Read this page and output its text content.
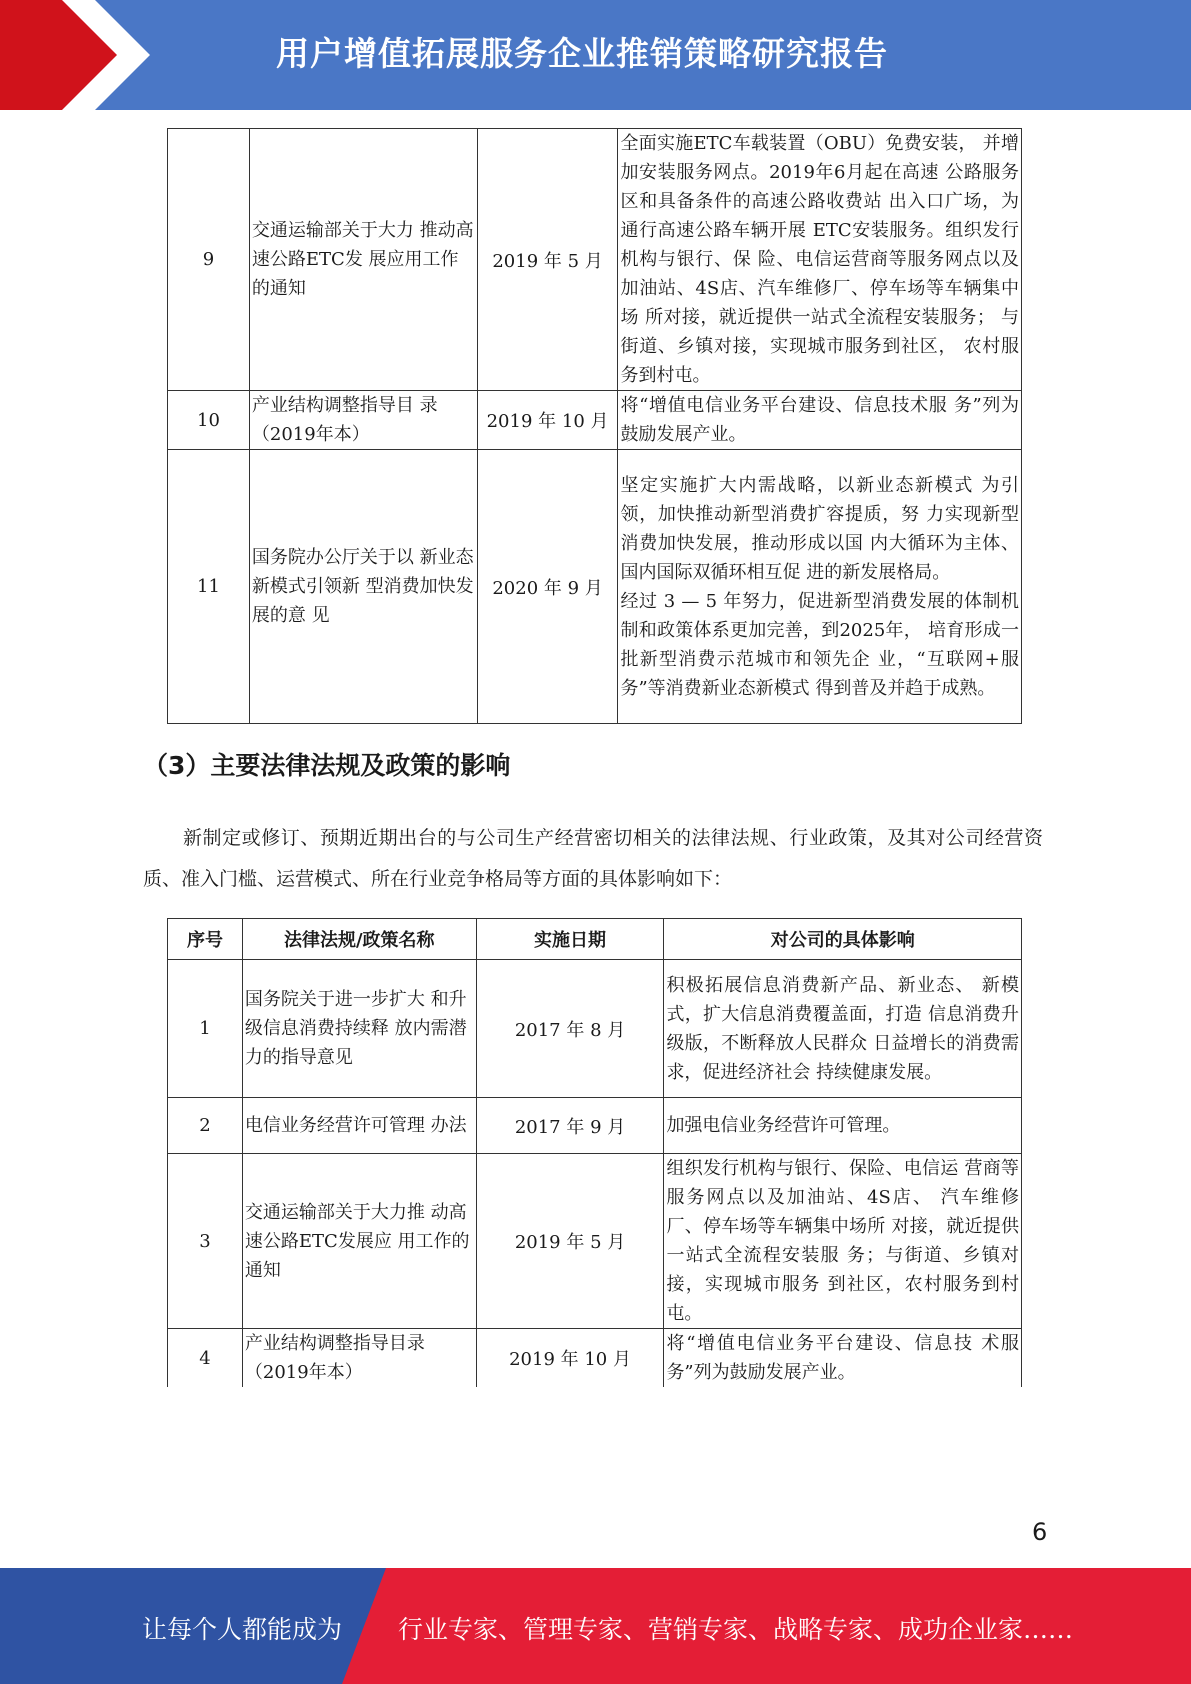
用户增值拓展服务企业推销策略研究报告
9	交通运输部关于大力 推动高速公路ETC发 展应用工作的通知	2019 年 5 月	全面实施ETC车载装置（OBU）免费安装， 并增加安装服务网点。2019年6月起在高速 公路服务区和具备条件的高速公路收费站 出入口广场，为通行高速公路车辆开展 ETC安装服务。组织发行机构与银行、保 险、电信运营商等服务网点以及加油站、4S店、汽车维修厂、停车场等车辆集中场 所对接，就近提供一站式全流程安装服务； 与街道、乡镇对接，实现城市服务到社区， 农村服务到村屯。
10	产业结构调整指导目 录（2019年本）	2019 年 10 月	将“增值电信业务平台建设、信息技术服 务”列为鼓励发展产业。
11	国务院办公厅关于以 新业态新模式引领新 型消费加快发展的意 见	2020 年 9 月	坚定实施扩大内需战略，以新业态新模式 为引领，加快推动新型消费扩容提质，努 力实现新型消费加快发展，推动形成以国 内大循环为主体、国内国际双循环相互促 进的新发展格局。
经过 3 — 5 年努力，促进新型消费发展的体制机制和政策体系更加完善，到2025年， 培育形成一批新型消费示范城市和领先企 业，“互联网+服务”等消费新业态新模式 得到普及并趋于成熟。
（3）主要法律法规及政策的影响
新制定或修订、预期近期出台的与公司生产经营密切相关的法律法规、行业政策，及其对公司经营资质、准入门槛、运营模式、所在行业竞争格局等方面的具体影响如下：
序号	法律法规/政策名称	实施日期	对公司的具体影响
1	国务院关于进一步扩大 和升级信息消费持续释 放内需潜力的指导意见	2017 年 8 月	积极拓展信息消费新产品、新业态、 新模式，扩大信息消费覆盖面，打造 信息消费升级版，不断释放人民群众 日益增长的消费需求，促进经济社会 持续健康发展。
2	电信业务经营许可管理 办法	2017 年 9 月	加强电信业务经营许可管理。
3	交通运输部关于大力推 动高速公路ETC发展应 用工作的通知	2019 年 5 月	组织发行机构与银行、保险、电信运 营商等服务网点以及加油站、4S店、 汽车维修厂、停车场等车辆集中场所 对接，就近提供一站式全流程安装服 务；与街道、乡镇对接，实现城市服务 到社区，农村服务到村屯。
4	产业结构调整指导目录（2019年本）	2019 年 10 月	将“增值电信业务平台建设、信息技 术服务”列为鼓励发展产业。
6
让每个人都能成为 行业专家、管理专家、营销专家、战略专家、成功企业家……
